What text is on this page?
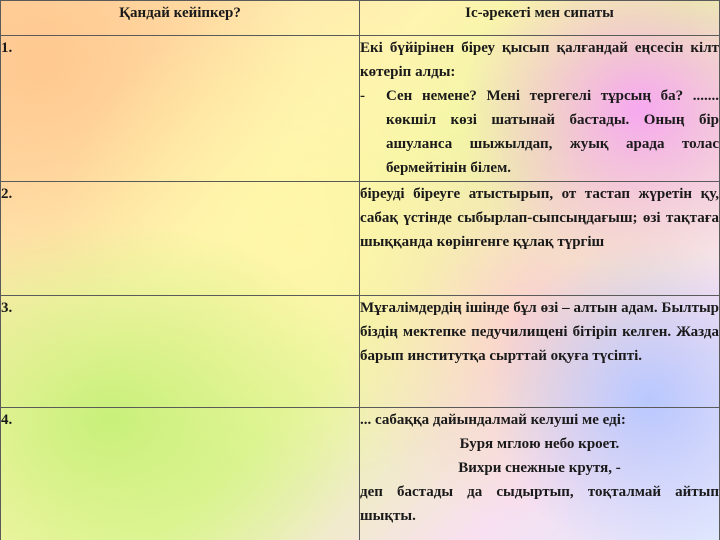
Қандай кейіпкер?	Іс-әрекеті мен сипаты
1.	Екі бүйірінен біреу қысып қалғандай еңсесін кілт көтеріп алды:

- Сен немене? Мені тергегелі тұрсың ба? ....... көкшіл көзі шатынай бастады. Оның бір ашуланса шыжылдап, жуық арада толас бермейтінін білем.

2.	біреуді біреуге атыстырып, от тастап жүретін қу, сабақ үстінде сыбырлап-сыпсыңдағыш; өзі тақтаға шыққанда көрінгенге құлақ түргіш

3.	Мұғалімдердің ішінде бұл өзі – алтын адам. Былтыр біздің мектепке педучилищені бітіріп келген. Жазда барып институтқа сырттай оқуға түсіпті.

4.	... сабаққа дайындалмай келуші ме еді:

Буря мглою небо кроет.

Вихри снежные крутя, -

деп бастады да сыдыртып, тоқталмай айтып шықты.
